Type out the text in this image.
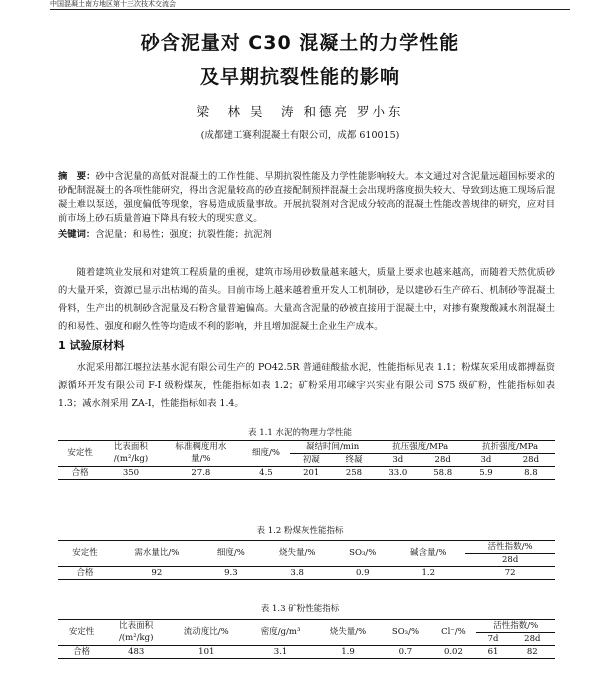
中国混凝土南方地区第十三次技术交流会
砂含泥量对 C30 混凝土的力学性能
及早期抗裂性能的影响
梁　林 吴　涛 和德亮 罗小东
(成都建工赛利混凝土有限公司，成都 610015)
摘　要：砂中含泥量的高低对混凝土的工作性能、早期抗裂性能及力学性能影响较大。本文通过对含泥量远超国标要求的砂配制混凝土的各项性能研究，得出含泥量较高的砂直接配制预拌混凝土会出现坍落度损失较大、导致到达施工现场后混凝土难以泵送，强度偏低等现象，容易造成质量事故。开展抗裂剂对含泥成分较高的混凝土性能改善规律的研究，应对目前市场上砂石质量普遍下降具有较大的现实意义。
关键词：含泥量；和易性；强度；抗裂性能；抗泥剂
随着建筑业发展和对建筑工程质量的重视，建筑市场用砂数量越来越大，质量上要求也越来越高，而随着天然优质砂的大量开采，资源已显示出枯竭的苗头。目前市场上越来越着重开发人工机制砂，是以建砂石生产碎石、机制砂等混凝土骨料，生产出的机制砂含泥量及石粉含量普遍偏高。大量高含泥量的砂被直接用于混凝土中，对掺有聚羧酸减水剂混凝土的和易性、强度和耐久性等均造成不利的影响，并且增加混凝土企业生产成本。
1 试验原材料
水泥采用都江堰拉法基水泥有限公司生产的 PO42.5R 普通硅酸盐水泥，性能指标见表 1.1；粉煤灰采用成都搏磊资源循环开发有限公司 F-I 级粉煤灰，性能指标如表 1.2；矿粉采用邛崃宇兴实业有限公司 S75 级矿粉，性能指标如表 1.3；减水剂采用 ZA-I，性能指标如表 1.4。
表 1.1 水泥的物理力学性能
安定性	比表面积	标准稠度用水	细度/%	凝结时间/min		抗压强度/MPa		抗折强度/MPa	
	/(m²/kg)	量/%		初凝	终凝	3d	28d	3d	28d
合格	350	27.8	4.5	201	258	33.0	58.8	5.9	8.8
表 1.2 粉煤灰性能指标
安定性	需水量比/%	细度/%	烧失量/%	SO₃/%	碱含量/%	活性指数/%
						28d
合格	92	9.3	3.8	0.9	1.2	72
表 1.3 矿粉性能指标
安定性	比表面积	流动度比/%	密度/g/m³	烧失量/%	SO₃/%	Cl⁻/%	活性指数/%	
	/(m²/kg)						7d	28d
合格	483	101	3.1	1.9	0.7	0.02	61	82
